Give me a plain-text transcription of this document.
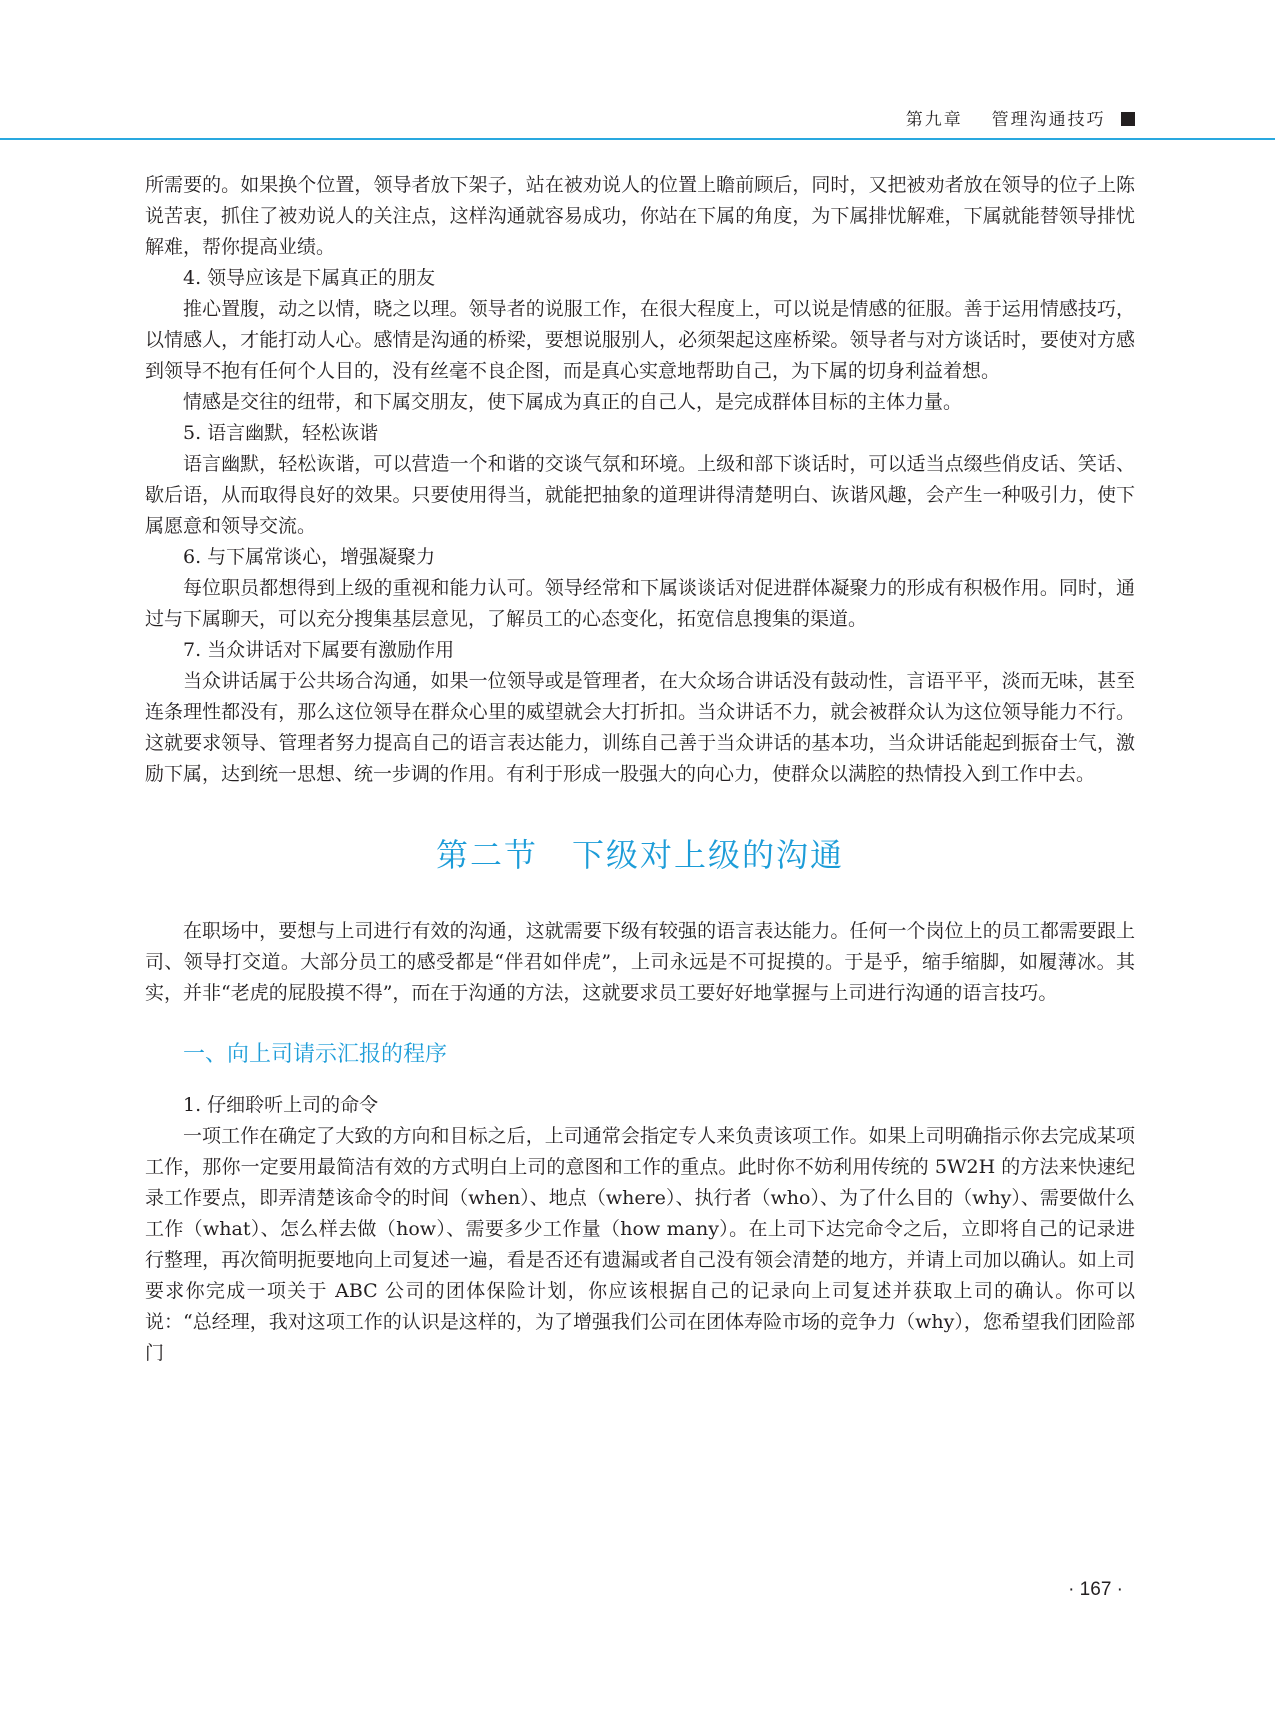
第九章 管理沟通技巧

所需要的。如果换个位置，领导者放下架子，站在被劝说人的位置上瞻前顾后，同时，又把被劝者放在领导的位子上陈说苦衷，抓住了被劝说人的关注点，这样沟通就容易成功，你站在下属的角度，为下属排忧解难，下属就能替领导排忧解难，帮你提高业绩。

4. 领导应该是下属真正的朋友

推心置腹，动之以情，晓之以理。领导者的说服工作，在很大程度上，可以说是情感的征服。善于运用情感技巧，以情感人，才能打动人心。感情是沟通的桥梁，要想说服别人，必须架起这座桥梁。领导者与对方谈话时，要使对方感到领导不抱有任何个人目的，没有丝毫不良企图，而是真心实意地帮助自己，为下属的切身利益着想。

情感是交往的纽带，和下属交朋友，使下属成为真正的自己人，是完成群体目标的主体力量。

5. 语言幽默，轻松诙谐

语言幽默，轻松诙谐，可以营造一个和谐的交谈气氛和环境。上级和部下谈话时，可以适当点缀些俏皮话、笑话、歇后语，从而取得良好的效果。只要使用得当，就能把抽象的道理讲得清楚明白、诙谐风趣，会产生一种吸引力，使下属愿意和领导交流。

6. 与下属常谈心，增强凝聚力

每位职员都想得到上级的重视和能力认可。领导经常和下属谈谈话对促进群体凝聚力的形成有积极作用。同时，通过与下属聊天，可以充分搜集基层意见，了解员工的心态变化，拓宽信息搜集的渠道。

7. 当众讲话对下属要有激励作用

当众讲话属于公共场合沟通，如果一位领导或是管理者，在大众场合讲话没有鼓动性，言语平平，淡而无味，甚至连条理性都没有，那么这位领导在群众心里的威望就会大打折扣。当众讲话不力，就会被群众认为这位领导能力不行。这就要求领导、管理者努力提高自己的语言表达能力，训练自己善于当众讲话的基本功，当众讲话能起到振奋士气，激励下属，达到统一思想、统一步调的作用。有利于形成一股强大的向心力，使群众以满腔的热情投入到工作中去。

第二节　下级对上级的沟通

在职场中，要想与上司进行有效的沟通，这就需要下级有较强的语言表达能力。任何一个岗位上的员工都需要跟上司、领导打交道。大部分员工的感受都是“伴君如伴虎”，上司永远是不可捉摸的。于是乎，缩手缩脚，如履薄冰。其实，并非“老虎的屁股摸不得”，而在于沟通的方法，这就要求员工要好好地掌握与上司进行沟通的语言技巧。

一、向上司请示汇报的程序

1. 仔细聆听上司的命令

一项工作在确定了大致的方向和目标之后，上司通常会指定专人来负责该项工作。如果上司明确指示你去完成某项工作，那你一定要用最简洁有效的方式明白上司的意图和工作的重点。此时你不妨利用传统的 5W2H 的方法来快速纪录工作要点，即弄清楚该命令的时间（when）、地点（where）、执行者（who）、为了什么目的（why）、需要做什么工作（what）、怎么样去做（how）、需要多少工作量（how many）。在上司下达完命令之后，立即将自己的记录进行整理，再次简明扼要地向上司复述一遍，看是否还有遗漏或者自己没有领会清楚的地方，并请上司加以确认。如上司要求你完成一项关于 ABC 公司的团体保险计划，你应该根据自己的记录向上司复述并获取上司的确认。你可以说：“总经理，我对这项工作的认识是这样的，为了增强我们公司在团体寿险市场的竞争力（why），您希望我们团险部门

· 167 ·
